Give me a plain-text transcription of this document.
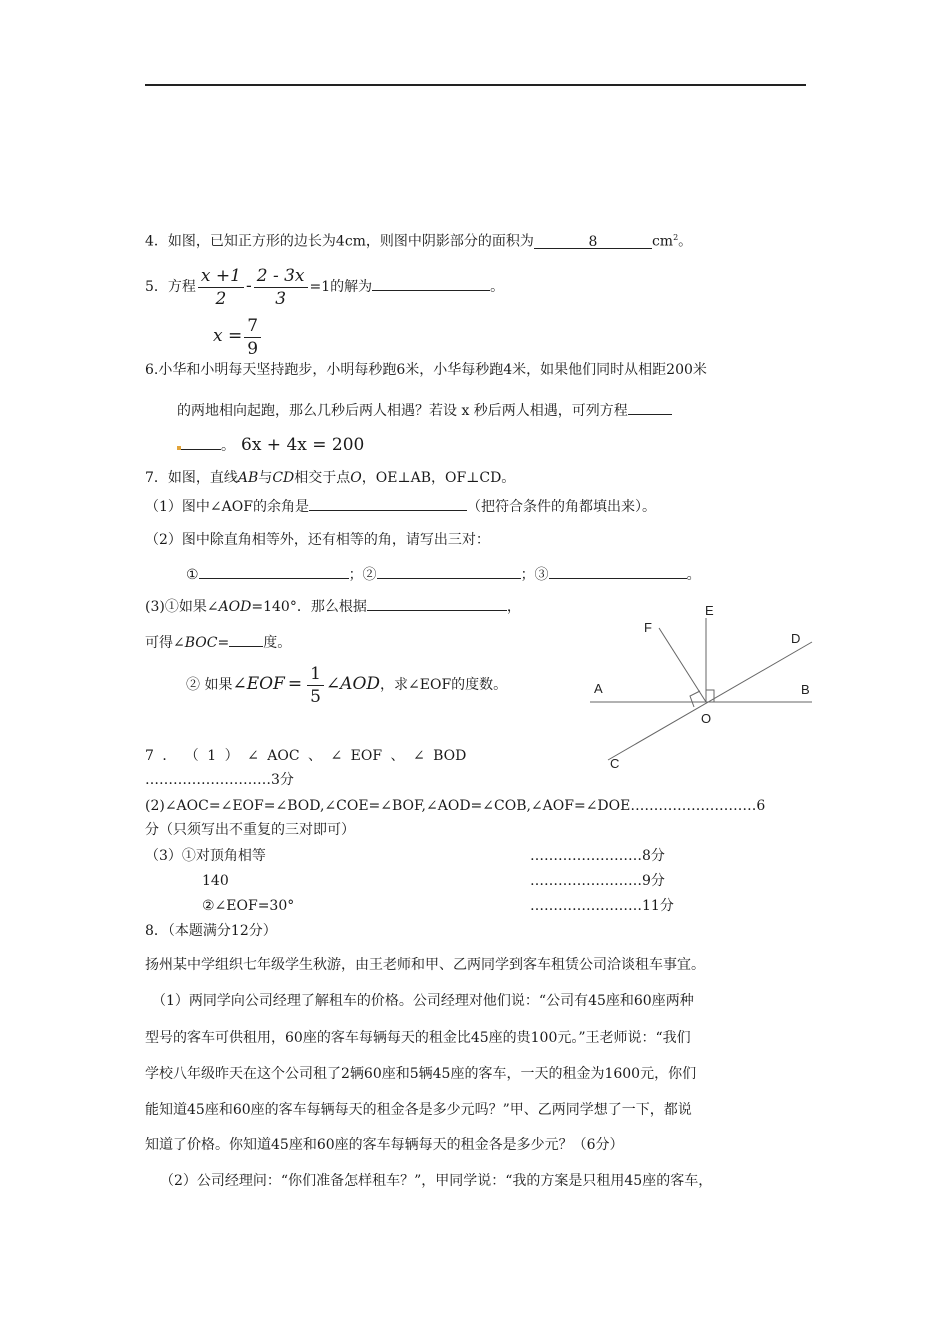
4．如图，已知正方形的边长为4cm，则图中阴影部分的面积为	8	$cm^2$。
5．方程 $\frac{x +1}{2} - \frac{2 - 3x}{3} =1$的解为	。
$x = \frac{7}{9}$
6.小华和小明每天坚持跑步，小明每秒跑6米，小华每秒跑4米，如果他们同时从相距200米
的两地相向起跑，那么几秒后两人相遇？若设 x 秒后两人相遇，可列方程
。 6x + 4x = 200
7．如图，直线AB与CD相交于点O，OE⊥AB，OF⊥CD。
（1）图中∠AOF的余角是	（把符合条件的角都填出来）。
（2）图中除直角相等外，还有相等的角，请写出三对：
①	；②	；③	。
(3)①如果∠AOD=140°．那么根据	，
可得∠BOC= 度。
② 如果∠EOF = $\frac{1}{5}$ ∠AOD，求∠EOF的度数。
E
F
D
A	B
O
C
7 ． （ 1 ） ∠ AOC 、 ∠ EOF 、 ∠ BOD
………………………3分
(2)∠AOC=∠EOF=∠BOD,∠COE=∠BOF,∠AOD=∠COB,∠AOF=∠DOE………………………6
分（只须写出不重复的三对即可）
（3）①对顶角相等	……………………8分
140	……………………9分
②∠EOF=30°	……………………11分
8．（本题满分12分）
扬州某中学组织七年级学生秋游，由王老师和甲、乙两同学到客车租赁公司洽谈租车事宜。
（1）两同学向公司经理了解租车的价格。公司经理对他们说：“公司有45座和60座两种
型号的客车可供租用，60座的客车每辆每天的租金比45座的贵100元。”王老师说：“我们
学校八年级昨天在这个公司租了2辆60座和5辆45座的客车，一天的租金为1600元，你们
能知道45座和60座的客车每辆每天的租金各是多少元吗？”甲、乙两同学想了一下，都说
知道了价格。你知道45座和60座的客车每辆每天的租金各是多少元？（6分）
（2）公司经理问：“你们准备怎样租车？”，甲同学说：“我的方案是只租用45座的客车，
